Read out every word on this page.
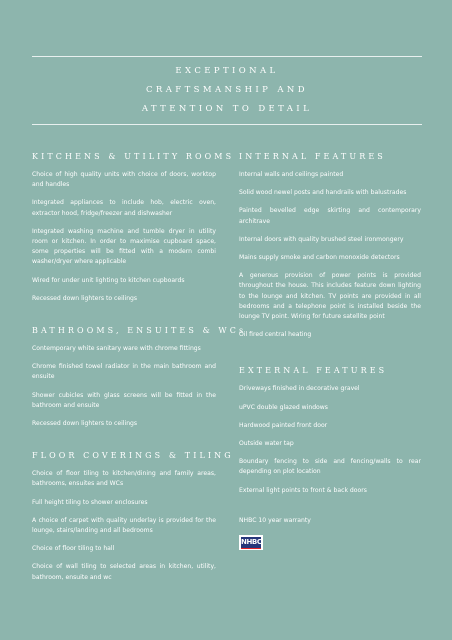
EXCEPTIONAL
CRAFTSMANSHIP AND
ATTENTION TO DETAIL
KITCHENS & UTILITY ROOMS
Choice of high quality units with choice of doors, worktop and handles
Integrated appliances to include hob, electric oven, extractor hood, fridge/freezer and dishwasher
Integrated washing machine and tumble dryer in utility room or kitchen. In order to maximise cupboard space, some properties will be fitted with a modern combi washer/dryer where applicable
Wired for under unit lighting to kitchen cupboards
Recessed down lighters to ceilings
BATHROOMS, ENSUITES & WCs
Contemporary white sanitary ware with chrome fittings
Chrome finished towel radiator in the main bathroom and ensuite
Shower cubicles with glass screens will be fitted in the bathroom and ensuite
Recessed down lighters to ceilings
FLOOR COVERINGS & TILING
Choice of floor tiling to kitchen/dining and family areas, bathrooms, ensuites and WCs
Full height tiling to shower enclosures
A choice of carpet with quality underlay is provided for the lounge, stairs/landing and all bedrooms
Choice of floor tiling to hall
Choice of wall tiling to selected areas in kitchen, utility, bathroom, ensuite and wc
INTERNAL FEATURES
Internal walls and ceilings painted
Solid wood newel posts and handrails with balustrades
Painted bevelled edge skirting and contemporary architrave
Internal doors with quality brushed steel ironmongery
Mains supply smoke and carbon monoxide detectors
A generous provision of power points is provided throughout the house. This includes feature down lighting to the lounge and kitchen. TV points are provided in all bedrooms and a telephone point is installed beside the lounge TV point. Wiring for future satellite point
Oil fired central heating
EXTERNAL FEATURES
Driveways finished in decorative gravel
uPVC double glazed windows
Hardwood painted front door
Outside water tap
Boundary fencing to side and fencing/walls to rear depending on plot location
External light points to front & back doors
NHBC 10 year warranty
NHBC
